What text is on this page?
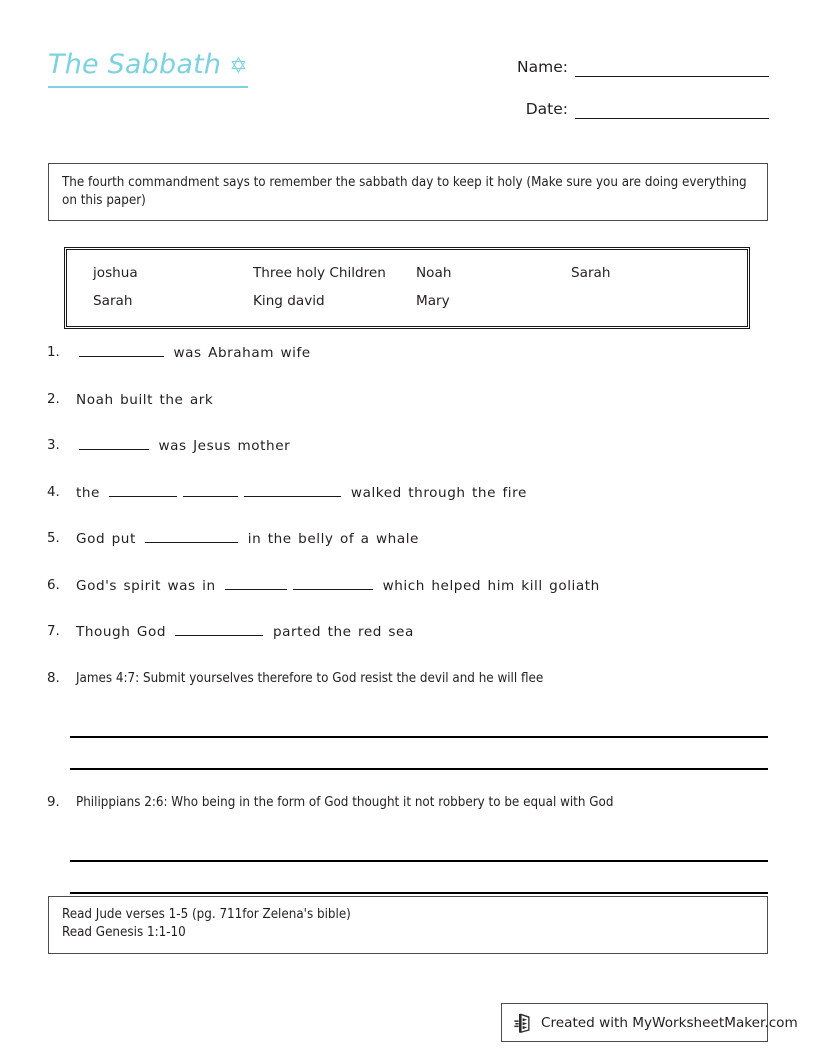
The Sabbath ✡	Name:
Date:
The fourth commandment says to remember the sabbath day to keep it holy (Make sure you are doing everything on this paper)
joshua	Three holy Children	Noah	Sarah
Sarah	King david	Mary
1.	was Abraham wife
2.	Noah built the ark
3.	was Jesus mother
4.	the	walked through the fire
5.	God put	in the belly of a whale
6.	God's spirit was in	which helped him kill goliath
7.	Though God	parted the red sea
8.	James 4:7: Submit yourselves therefore to God resist the devil and he will flee
9.	Philippians 2:6: Who being in the form of God thought it not robbery to be equal with God
Read Jude verses 1-5 (pg. 711for Zelena's bible)
Read Genesis 1:1-10
Created with MyWorksheetMaker.com
